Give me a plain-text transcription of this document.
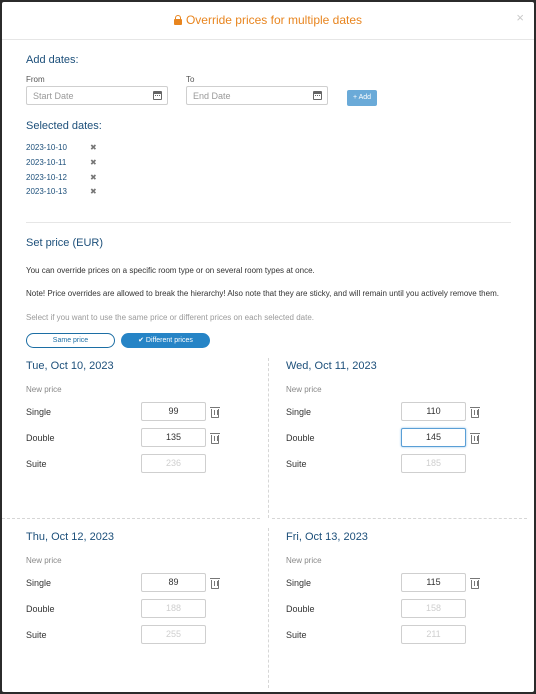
Override prices for multiple dates	×
Add dates:
From	To
Start Date	End Date	+ Add
Selected dates:
2023-10-10	✖
2023-10-11	✖
2023-10-12	✖
2023-10-13	✖
Set price (EUR)
You can override prices on a specific room type or on several room types at once.
Note! Price overrides are allowed to break the hierarchy! Also note that they are sticky, and will remain until you actively remove them.
Select if you want to use the same price or different prices on each selected date.
Same price	✔ Different prices
Tue, Oct 10, 2023
New price
Single	99
Double	135
Suite	236
Wed, Oct 11, 2023
New price
Single	110
Double	145
Suite	185
Thu, Oct 12, 2023
New price
Single	89
Double	188
Suite	255
Fri, Oct 13, 2023
New price
Single	115
Double	158
Suite	211
